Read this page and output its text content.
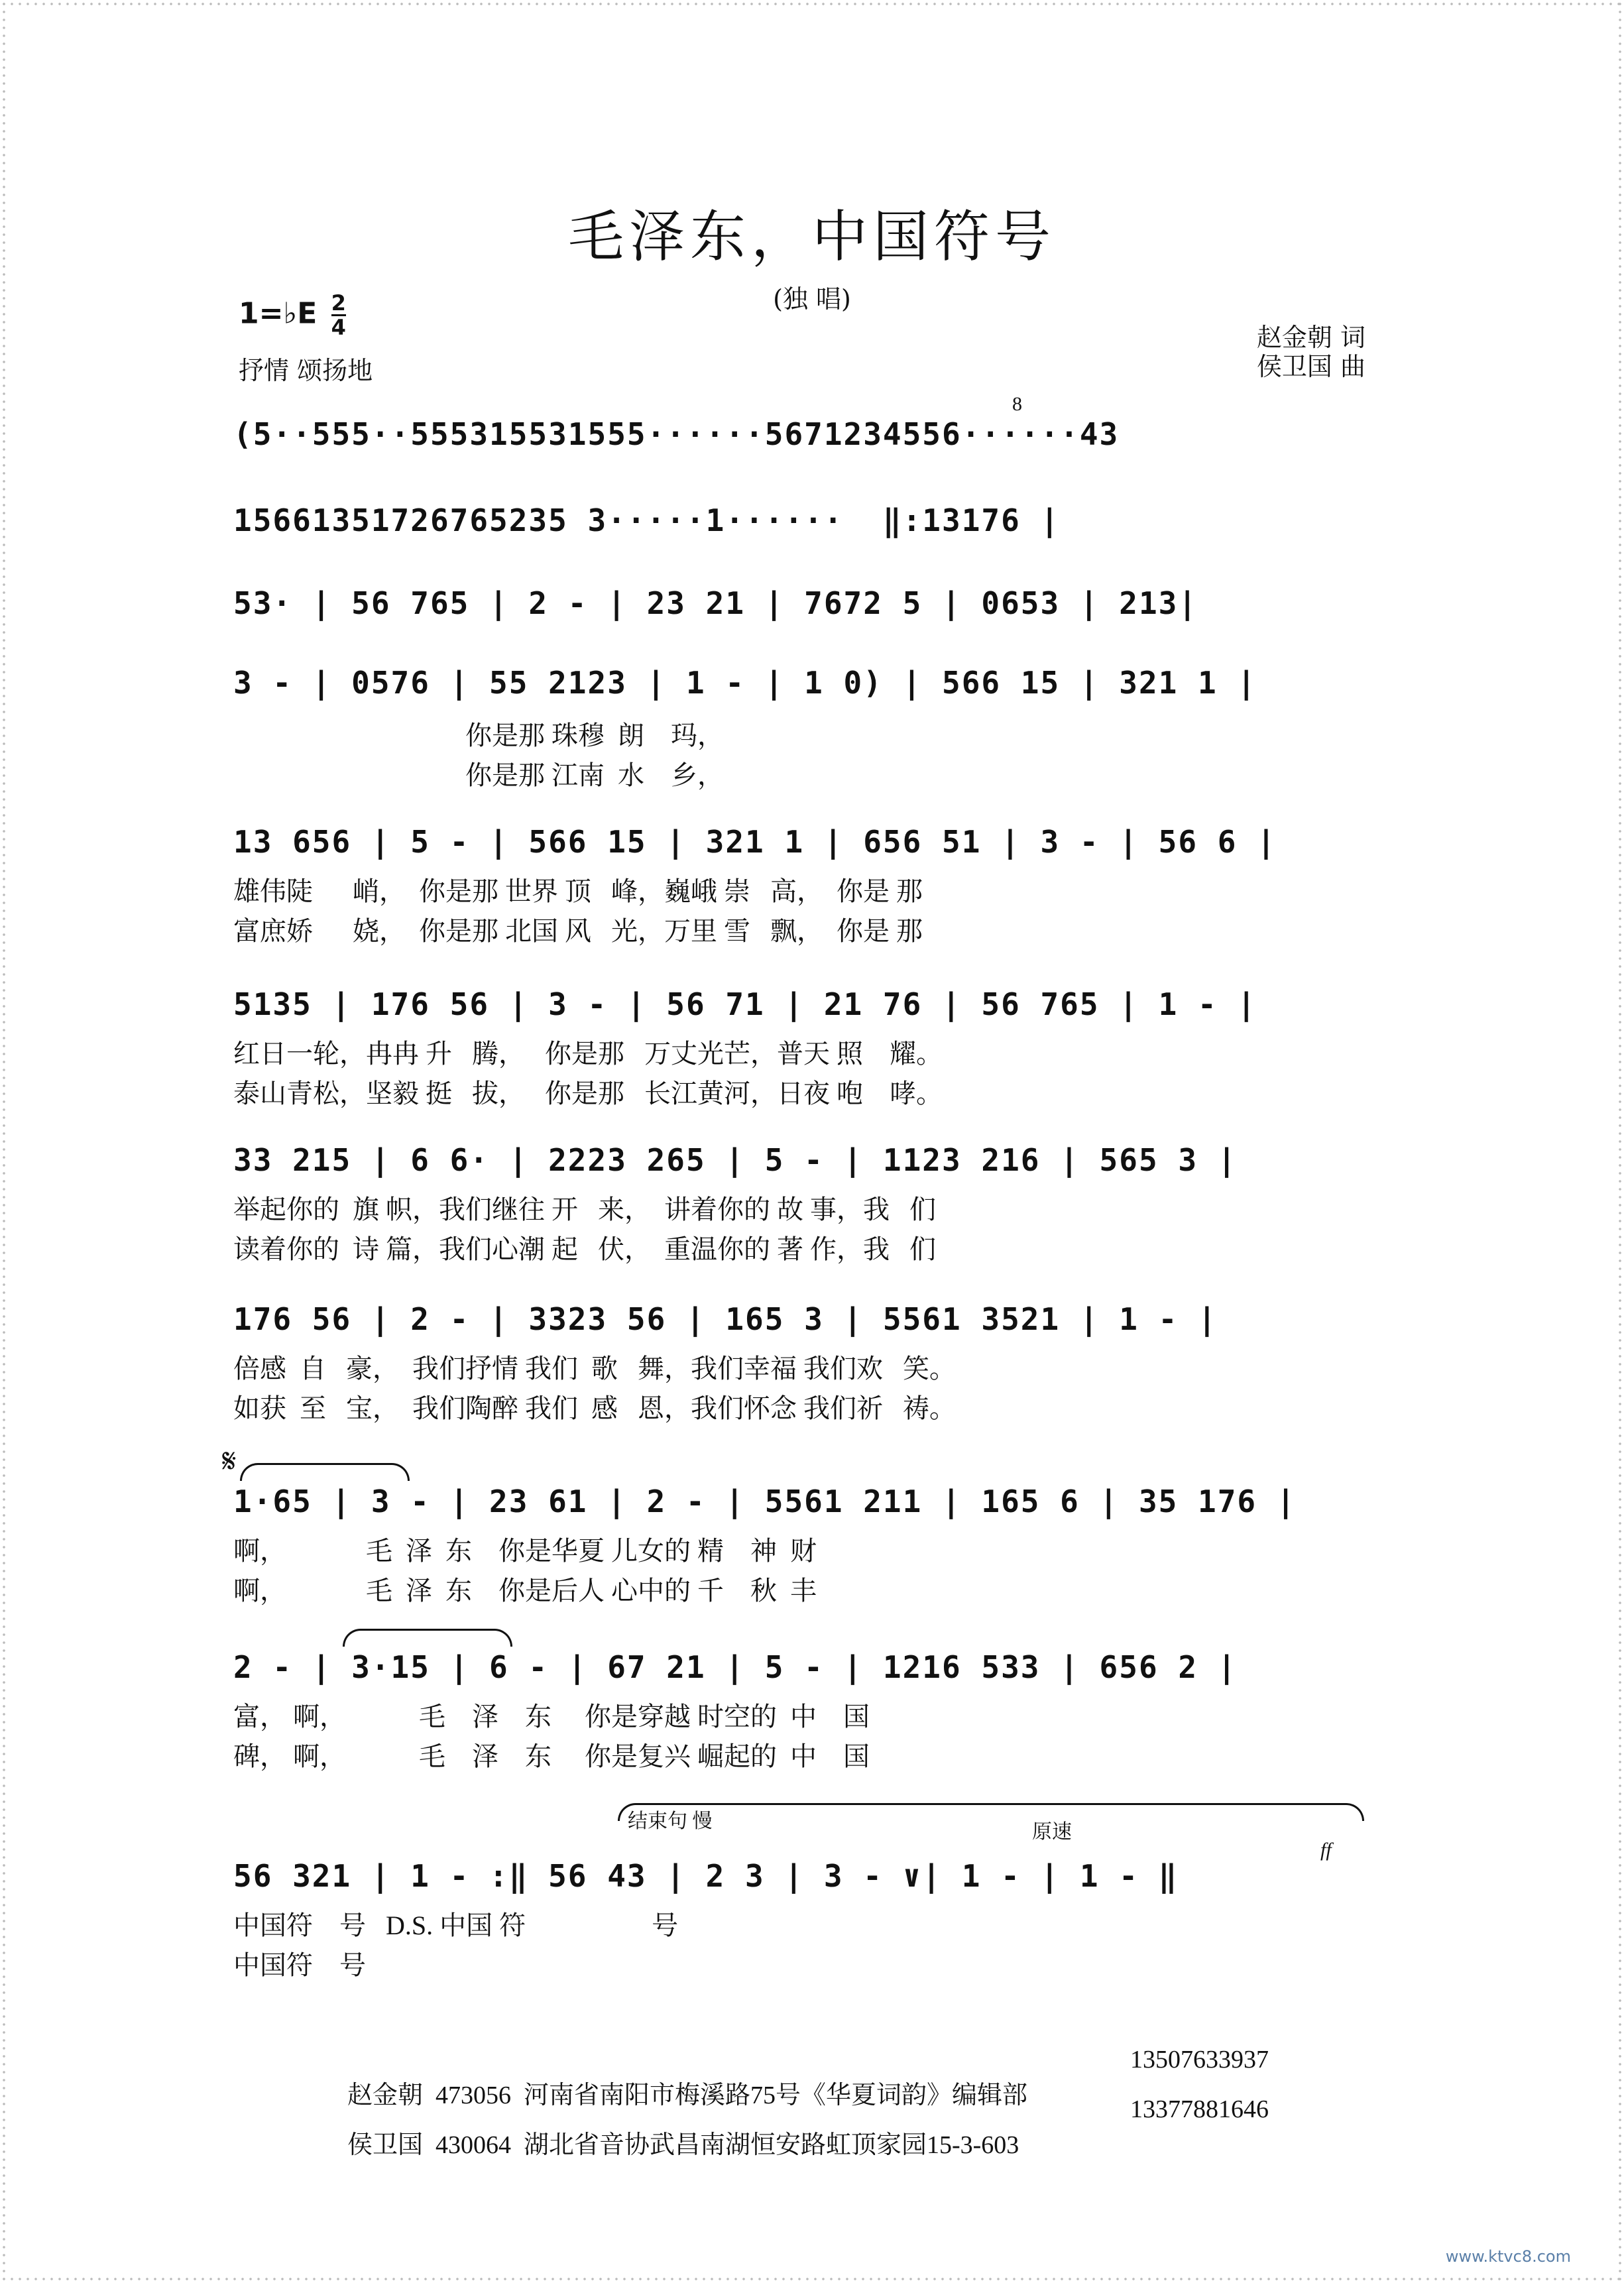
毛泽东，中国符号
(独 唱)
1=♭E $\frac{2}{4}$
抒情 颂扬地
赵金朝 词
侯卫国 曲
(5··555··555315531555······5671234556······43
8
15661351726765235 3·····1······  ‖:13176 |
53· | 56 765 | 2 - | 23 21 | 7672 5 | 0653 | 213|
3 - | 0576 | 55 2123 | 1 - | 1 0) | 566 15 | 321 1 |
你是那 珠穆  朗    玛，
你是那 江南  水    乡，
13 656 | 5 - | 566 15 | 321 1 | 656 51 | 3 - | 56 6 |
雄伟陡      峭，  你是那 世界 顶   峰，巍峨 崇   高，  你是 那
富庶娇      娆，  你是那 北国 风   光，万里 雪   飘，  你是 那
5135 | 176 56 | 3 - | 56 71 | 21 76 | 56 765 | 1 - |
红日一轮，冉冉 升   腾，   你是那   万丈光芒，普天 照    耀。
泰山青松，坚毅 挺   拔，   你是那   长江黄河，日夜 咆    哮。
33 215 | 6 6· | 2223 265 | 5 - | 1123 216 | 565 3 |
举起你的  旗 帜，我们继往 开   来，  讲着你的 故 事，我   们
读着你的  诗 篇，我们心潮 起   伏，  重温你的 著 作，我   们
176 56 | 2 - | 3323 56 | 165 3 | 5561 3521 | 1 - |
倍感  自   豪，  我们抒情 我们  歌   舞，我们幸福 我们欢   笑。
如获  至   宝，  我们陶醉 我们  感   恩，我们怀念 我们祈   祷。
𝄋
1·65 | 3 - | 23 61 | 2 - | 5561 211 | 165 6 | 35 176 |
啊，            毛  泽  东    你是华夏 儿女的 精    神  财
啊，            毛  泽  东    你是后人 心中的 千    秋  丰
2 - | 3·15 | 6 - | 67 21 | 5 - | 1216 533 | 656 2 |
富， 啊，           毛    泽    东     你是穿越 时空的  中    国
碑， 啊，           毛    泽    东     你是复兴 崛起的  中    国
结束句 慢	原速
ff
56 321 | 1 - :‖ 56 43 | 2 3 | 3 - ∨| 1 - | 1 - ‖
中国符    号   D.S. 中国 符                   号
中国符    号

赵金朝  473056  河南省南阳市梅溪路75号《华夏词韵》编辑部

13507633937

侯卫国  430064  湖北省音协武昌南湖恒安路虹顶家园15-3-603

13377881646

www.ktvc8.com
